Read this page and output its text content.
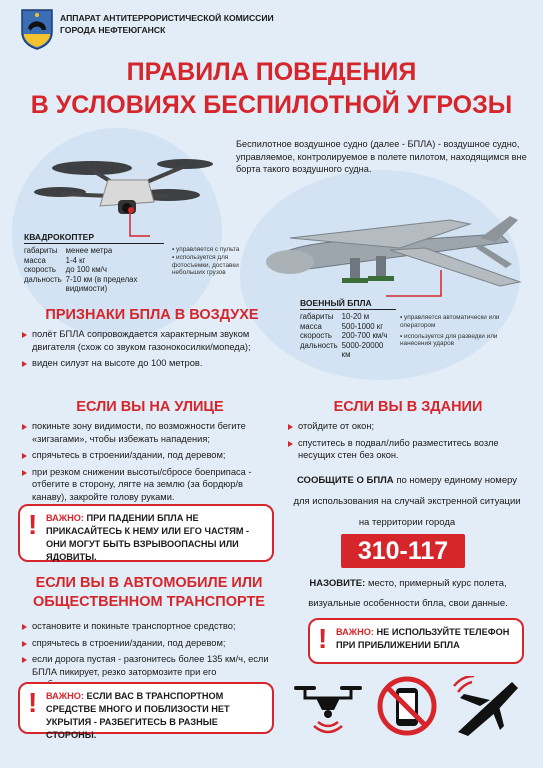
АППАРАТ АНТИТЕРРОРИСТИЧЕСКОЙ КОМИССИИ
ГОРОДА НЕФТЕЮГАНСК
ПРАВИЛА ПОВЕДЕНИЯ
В УСЛОВИЯХ БЕСПИЛОТНОЙ УГРОЗЫ
Беспилотное воздушное судно (далее - БПЛА) - воздушное судно, управляемое, контролируемое в полете пилотом, находящимся вне борта такого воздушного судна.
КВАДРОКОПТЕР
габариты	менее метра
масса	1-4 кг
скорость	до 100 км/ч
дальность	7-10 км (в пределах видимости)
▪ управляется с пульта
▪ используется для фотосъемки, доставки небольших грузов
ВОЕННЫЙ БПЛА
габариты	10-20 м
масса	500-1000 кг
скорость	200-700 км/ч
дальность	5000-20000 км
▪ управляется автоматически или оператором
▪ используется для разведки или нанесения ударов
ПРИЗНАКИ БПЛА В ВОЗДУХЕ
полёт БПЛА сопровождается характерным звуком двигателя (схож со звуком газонокосилки/мопеда);
виден силуэт на высоте до 100 метров.
ЕСЛИ ВЫ НА УЛИЦЕ
покиньте зону видимости, по возможности бегите «зигзагами», чтобы избежать нападения;
спрячьтесь в строении/здании, под деревом;
при резком снижении высоты/сбросе боеприпаса - отбегите в сторону, лягте на землю (за бордюр/в канаву), закройте голову руками.
! ВАЖНО: ПРИ ПАДЕНИИ БПЛА НЕ ПРИКАСАЙТЕСЬ К НЕМУ ИЛИ ЕГО ЧАСТЯМ - ОНИ МОГУТ БЫТЬ ВЗРЫВООПАСНЫ ИЛИ ЯДОВИТЫ.
ЕСЛИ ВЫ В АВТОМОБИЛЕ ИЛИ
ОБЩЕСТВЕННОМ ТРАНСПОРТЕ
остановите и покиньте транспортное средство;
спрячьтесь в строении/здании, под деревом;
если дорога пустая - разгонитесь более 135 км/ч, если БПЛА пикирует, резко затормозите при его
! ВАЖНО: ЕСЛИ ВАС В ТРАНСПОРТНОМ СРЕДСТВЕ МНОГО И ПОБЛИЗОСТИ НЕТ УКРЫТИЯ - РАЗБЕГИТЕСЬ В РАЗНЫЕ СТОРОНЫ.
ЕСЛИ ВЫ В ЗДАНИИ
отойдите от окон;
спуститесь в подвал/либо разместитесь возле несущих стен без окон.
СООБЩИТЕ О БПЛА по номеру единому номеру для использования на случай экстренной ситуации на территории города
310-117
НАЗОВИТЕ: место, примерный курс полета, визуальные особенности бпла, свои данные.
! ВАЖНО: НЕ ИСПОЛЬЗУЙТЕ ТЕЛЕФОН ПРИ ПРИБЛИЖЕНИИ БПЛА
